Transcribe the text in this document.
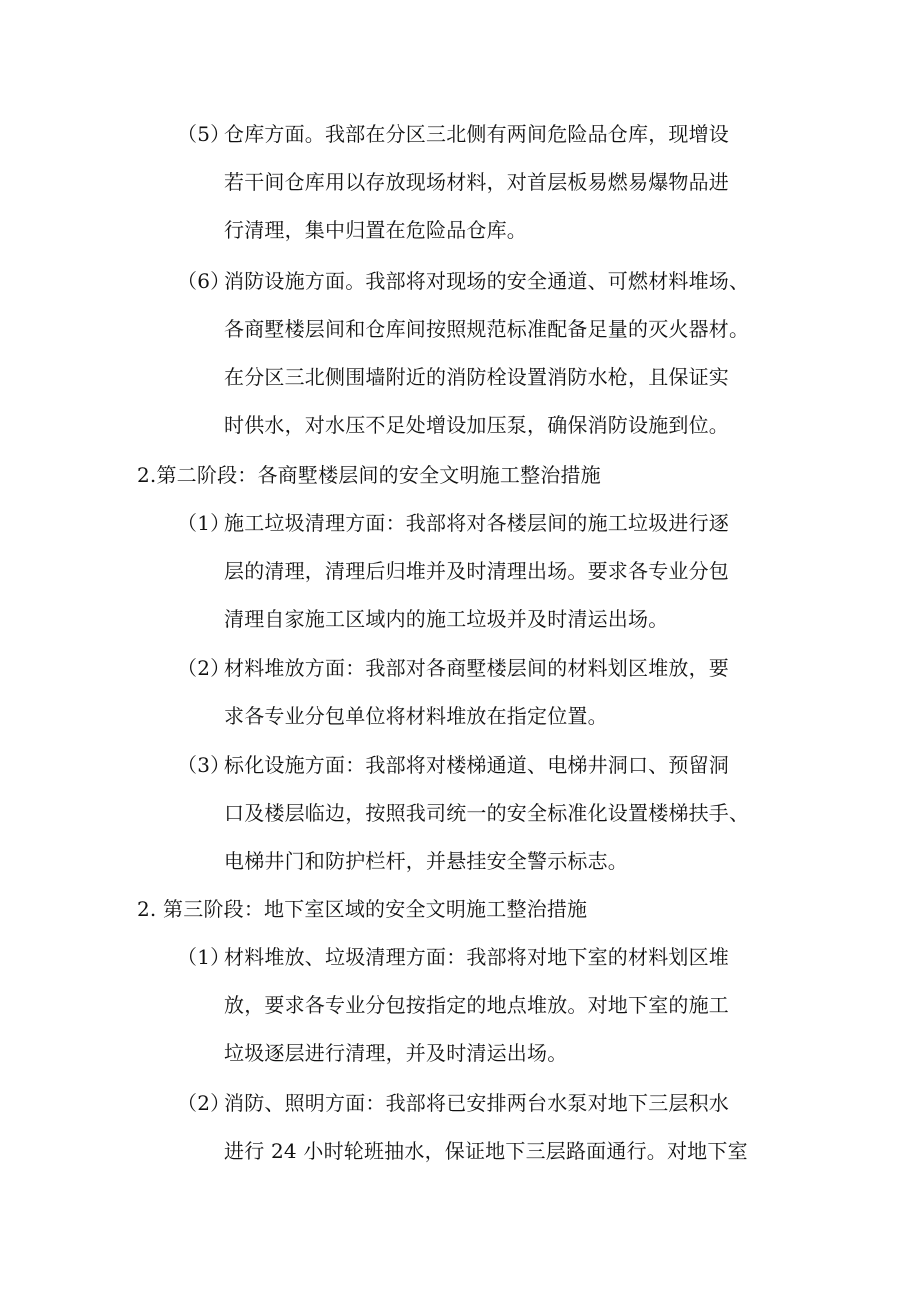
（5）
仓库方面。我部在分区三北侧有两间危险品仓库，现增设
若干间仓库用以存放现场材料，对首层板易燃易爆物品进
行清理，集中归置在危险品仓库。
（6）
消防设施方面。我部将对现场的安全通道、可燃材料堆场、
各商墅楼层间和仓库间按照规范标准配备足量的灭火器材。
在分区三北侧围墙附近的消防栓设置消防水枪，且保证实
时供水，对水压不足处增设加压泵，确保消防设施到位。
2.第二阶段：各商墅楼层间的安全文明施工整治措施
（1）
施工垃圾清理方面：我部将对各楼层间的施工垃圾进行逐
层的清理，清理后归堆并及时清理出场。要求各专业分包
清理自家施工区域内的施工垃圾并及时清运出场。
（2）
材料堆放方面：我部对各商墅楼层间的材料划区堆放，要
求各专业分包单位将材料堆放在指定位置。
（3）
标化设施方面：我部将对楼梯通道、电梯井洞口、预留洞
口及楼层临边，按照我司统一的安全标准化设置楼梯扶手、
电梯井门和防护栏杆，并悬挂安全警示标志。
2. 第三阶段：地下室区域的安全文明施工整治措施
（1）
材料堆放、垃圾清理方面：我部将对地下室的材料划区堆
放，要求各专业分包按指定的地点堆放。对地下室的施工
垃圾逐层进行清理，并及时清运出场。
（2）
消防、照明方面：我部将已安排两台水泵对地下三层积水
进行 24 小时轮班抽水，保证地下三层路面通行。对地下室
